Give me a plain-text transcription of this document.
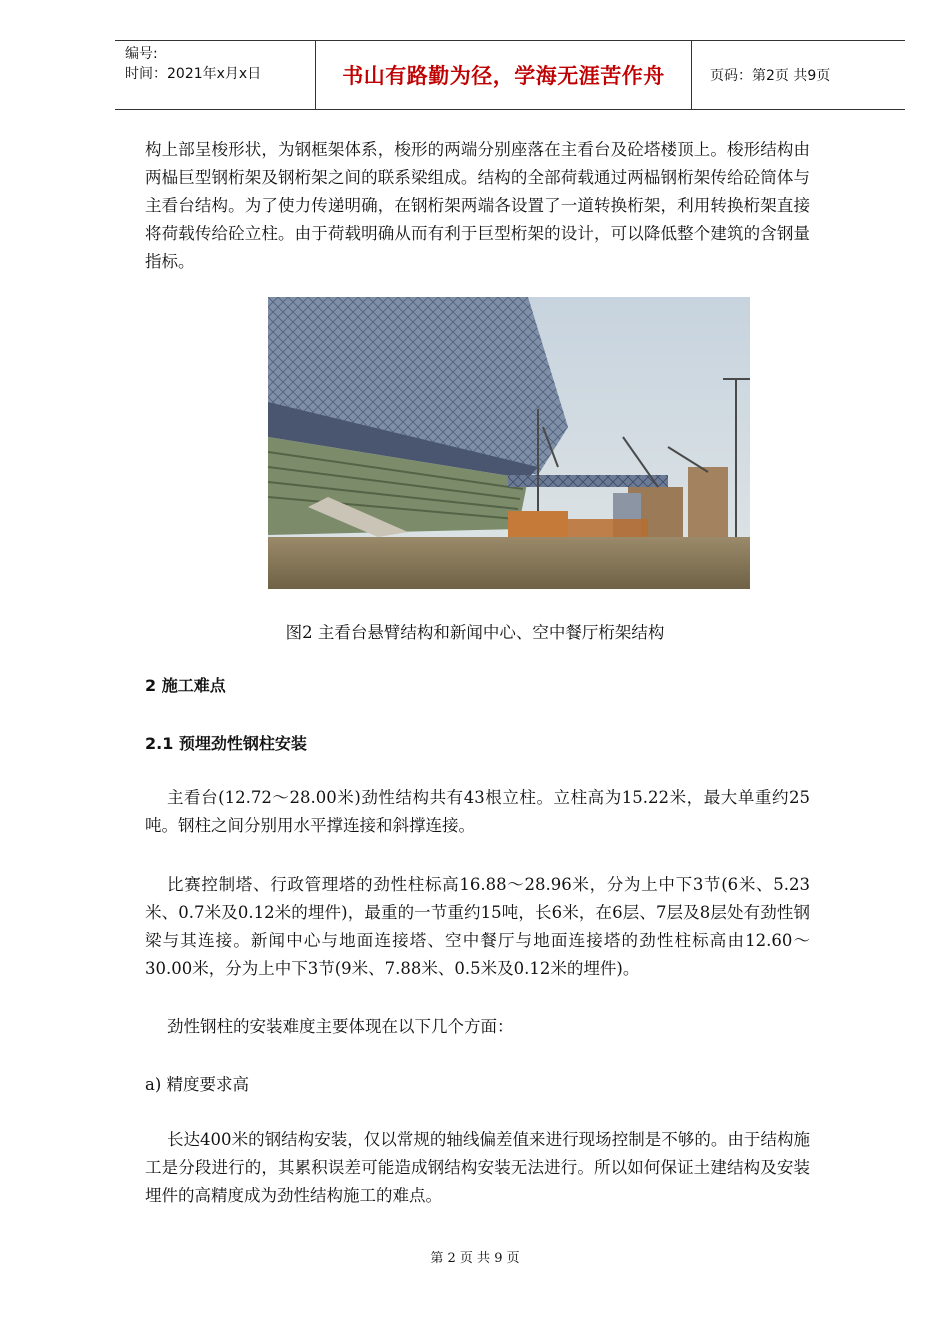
编号:
时间：2021年x月x日	书山有路勤为径，学海无涯苦作舟	页码：第2页 共9页

构上部呈梭形状，为钢框架体系，梭形的两端分别座落在主看台及砼塔楼顶上。梭形结构由两榀巨型钢桁架及钢桁架之间的联系梁组成。结构的全部荷载通过两榀钢桁架传给砼筒体与主看台结构。为了使力传递明确，在钢桁架两端各设置了一道转换桁架，利用转换桁架直接将荷载传给砼立柱。由于荷载明确从而有利于巨型桁架的设计，可以降低整个建筑的含钢量指标。

图2 主看台悬臂结构和新闻中心、空中餐厅桁架结构
2 施工难点
2.1 预埋劲性钢柱安装

主看台(12.72～28.00米)劲性结构共有43根立柱。立柱高为15.22米，最大单重约25吨。钢柱之间分别用水平撑连接和斜撑连接。

比赛控制塔、行政管理塔的劲性柱标高16.88～28.96米，分为上中下3节(6米、5.23米、0.7米及0.12米的埋件)，最重的一节重约15吨，长6米，在6层、7层及8层处有劲性钢梁与其连接。新闻中心与地面连接塔、空中餐厅与地面连接塔的劲性柱标高由12.60～30.00米，分为上中下3节(9米、7.88米、0.5米及0.12米的埋件)。

劲性钢柱的安装难度主要体现在以下几个方面：

a) 精度要求高

长达400米的钢结构安装，仅以常规的轴线偏差值来进行现场控制是不够的。由于结构施工是分段进行的，其累积误差可能造成钢结构安装无法进行。所以如何保证土建结构及安装埋件的高精度成为劲性结构施工的难点。

第 2 页 共 9 页
